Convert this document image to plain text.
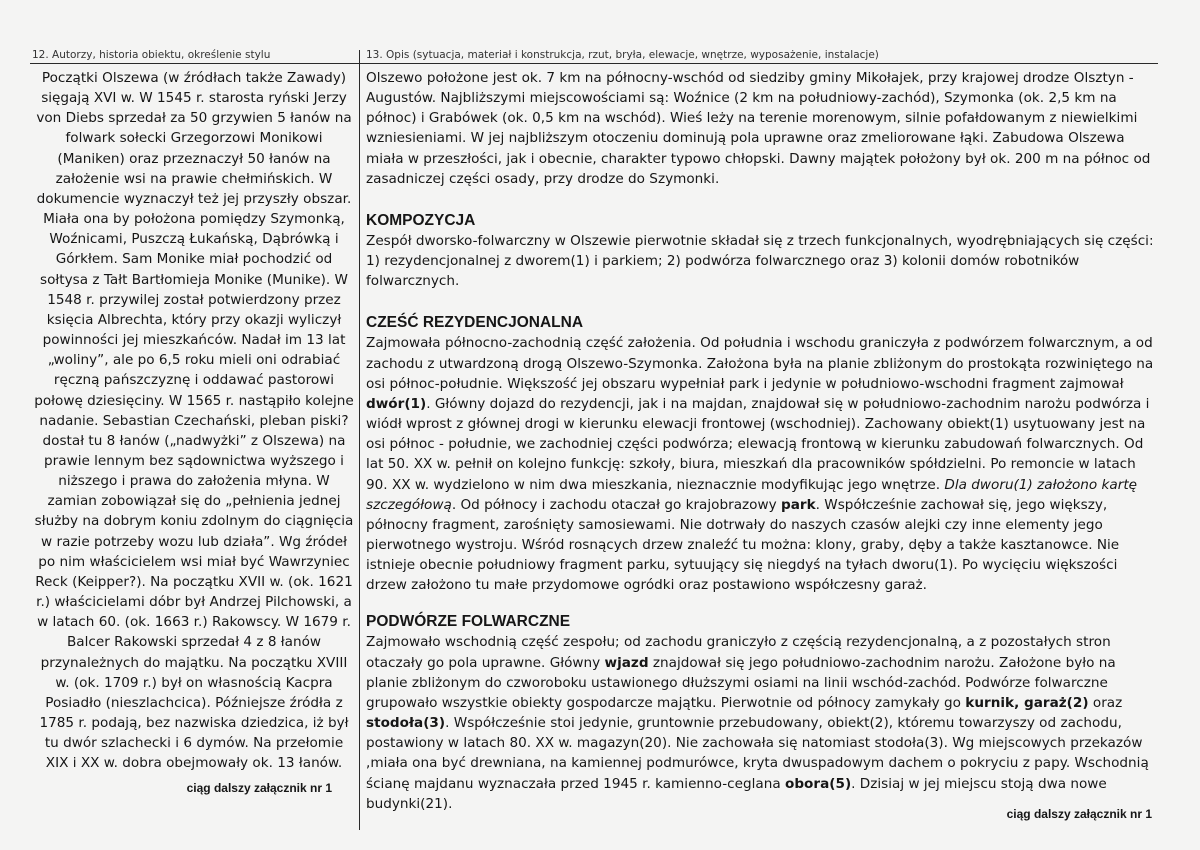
12. Autorzy, historia obiektu, określenie stylu	13. Opis (sytuacja, materiał i konstrukcja, rzut, bryła, elewacje, wnętrze, wyposażenie, instalacje)

Początki Olszewa (w źródłach także Zawady) sięgają XVI w. W 1545 r. starosta ryński Jerzy von Diebs sprzedał za 50 grzywien 5 łanów na folwark sołecki Grzegorzowi Monikowi (Maniken) oraz przeznaczył 50 łanów na założenie wsi na prawie chełmińskich. W dokumencie wyznaczył też jej przyszły obszar. Miała ona by położona pomiędzy Szymonką, Woźnicami, Puszczą Łukańską, Dąbrówką i Górkłem. Sam Monike miał pochodzić od sołtysa z Tałt Bartłomieja Monike (Munike). W 1548 r. przywilej został potwierdzony przez księcia Albrechta, który przy okazji wyliczył powinności jej mieszkańców. Nadał im 13 lat „woliny”, ale po 6,5 roku mieli oni odrabiać ręczną pańszczyznę i oddawać pastorowi połowę dziesięciny. W 1565 r. nastąpiło kolejne nadanie. Sebastian Czechański, pleban piski? dostał tu 8 łanów („nadwyżki” z Olszewa) na prawie lennym bez sądownictwa wyższego i niższego i prawa do założenia młyna. W zamian zobowiązał się do „pełnienia jednej służby na dobrym koniu zdolnym do ciągnięcia w razie potrzeby wozu lub działa”. Wg źródeł po nim właścicielem wsi miał być Wawrzyniec Reck (Keipper?). Na początku XVII w. (ok. 1621 r.) właścicielami dóbr był Andrzej Pilchowski, a w latach 60. (ok. 1663 r.) Rakowscy. W 1679 r. Balcer Rakowski sprzedał 4 z 8 łanów przynależnych do majątku. Na początku XVIII w. (ok. 1709 r.) był on własnością Kacpra Posiadło (nieszlachcica). Późniejsze źródła z 1785 r. podają, bez nazwiska dziedzica, iż był tu dwór szlachecki i 6 dymów. Na przełomie XIX i XX w. dobra obejmowały ok. 13 łanów.

ciąg dalszy załącznik nr 1

Olszewo położone jest ok. 7 km na północny-wschód od siedziby gminy Mikołajek, przy krajowej drodze Olsztyn - Augustów. Najbliższymi miejscowościami są: Woźnice (2 km na południowy-zachód), Szymonka (ok. 2,5 km na północ) i Grabówek (ok. 0,5 km na wschód). Wieś leży na terenie morenowym, silnie pofałdowanym z niewielkimi wzniesieniami. W jej najbliższym otoczeniu dominują pola uprawne oraz zmeliorowane łąki. Zabudowa Olszewa miała w przeszłości, jak i obecnie, charakter typowo chłopski. Dawny majątek położony był ok. 200 m na północ od zasadniczej części osady, przy drodze do Szymonki.

KOMPOZYCJA

Zespół dworsko-folwarczny w Olszewie pierwotnie składał się z trzech funkcjonalnych, wyodrębniających się części: 1) rezydencjonalnej z dworem(1) i parkiem; 2) podwórza folwarcznego oraz 3) kolonii domów robotników folwarcznych.

CZEŚĆ REZYDENCJONALNA

Zajmowała północno-zachodnią część założenia. Od południa i wschodu graniczyła z podwórzem folwarcznym, a od zachodu z utwardzoną drogą Olszewo-Szymonka. Założona była na planie zbliżonym do prostokąta rozwiniętego na osi północ-południe. Większość jej obszaru wypełniał park i jedynie w południowo-wschodni fragment zajmował dwór(1). Główny dojazd do rezydencji, jak i na majdan, znajdował się w południowo-zachodnim narożu podwórza i wiódł wprost z głównej drogi w kierunku elewacji frontowej (wschodniej). Zachowany obiekt(1) usytuowany jest na osi północ - południe, we zachodniej części podwórza; elewacją frontową w kierunku zabudowań folwarcznych. Od lat 50. XX w. pełnił on kolejno funkcję: szkoły, biura, mieszkań dla pracowników spółdzielni. Po remoncie w latach 90. XX w. wydzielono w nim dwa mieszkania, nieznacznie modyfikując jego wnętrze. Dla dworu(1) założono kartę szczegółową. Od północy i zachodu otaczał go krajobrazowy park. Współcześnie zachował się, jego większy, północny fragment, zarośnięty samosiewami. Nie dotrwały do naszych czasów alejki czy inne elementy jego pierwotnego wystroju. Wśród rosnących drzew znaleźć tu można: klony, graby, dęby a także kasztanowce. Nie istnieje obecnie południowy fragment parku, sytuujący się niegdyś na tyłach dworu(1). Po wycięciu większości drzew założono tu małe przydomowe ogródki oraz postawiono współczesny garaż.

PODWÓRZE FOLWARCZNE

Zajmowało wschodnią część zespołu; od zachodu graniczyło z częścią rezydencjonalną, a z pozostałych stron otaczały go pola uprawne. Główny wjazd znajdował się jego południowo-zachodnim narożu. Założone było na planie zbliżonym do czworoboku ustawionego dłuższymi osiami na linii wschód-zachód. Podwórze folwarczne grupowało wszystkie obiekty gospodarcze majątku. Pierwotnie od północy zamykały go kurnik, garaż(2) oraz stodoła(3). Współcześnie stoi jedynie, gruntownie przebudowany, obiekt(2), któremu towarzyszy od zachodu, postawiony w latach 80. XX w. magazyn(20). Nie zachowała się natomiast stodoła(3). Wg miejscowych przekazów ,miała ona być drewniana, na kamiennej podmurówce, kryta dwuspadowym dachem o pokryciu z papy. Wschodnią ścianę majdanu wyznaczała przed 1945 r. kamienno-ceglana obora(5). Dzisiaj w jej miejscu stoją dwa nowe budynki(21).

ciąg dalszy załącznik nr 1
